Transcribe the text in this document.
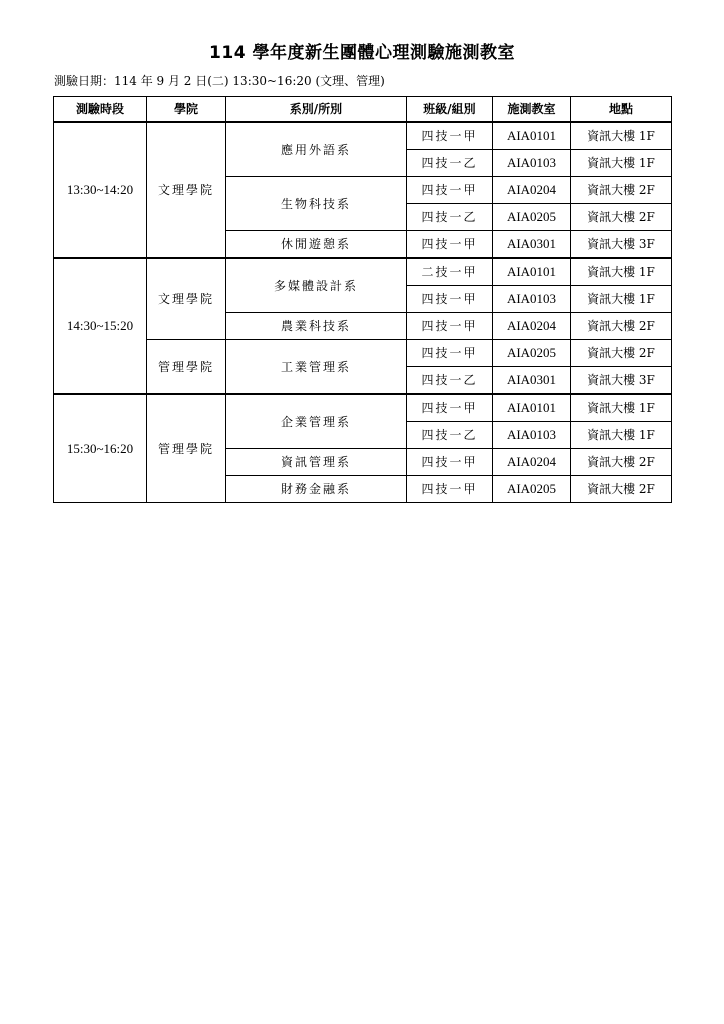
114 學年度新生團體心理測驗施測教室
測驗日期：114 年 9 月 2 日(二) 13:30~16:20 (文理、管理)
測驗時段	學院	系別/所別	班級/組別	施測教室	地點
13:30~14:20	文理學院	應用外語系	四技一甲	AIA0101	資訊大樓 1F
			四技一乙	AIA0103	資訊大樓 1F
		生物科技系	四技一甲	AIA0204	資訊大樓 2F
			四技一乙	AIA0205	資訊大樓 2F
		休閒遊憩系	四技一甲	AIA0301	資訊大樓 3F
14:30~15:20	文理學院	多媒體設計系	二技一甲	AIA0101	資訊大樓 1F
			四技一甲	AIA0103	資訊大樓 1F
		農業科技系	四技一甲	AIA0204	資訊大樓 2F
	管理學院	工業管理系	四技一甲	AIA0205	資訊大樓 2F
			四技一乙	AIA0301	資訊大樓 3F
15:30~16:20	管理學院	企業管理系	四技一甲	AIA0101	資訊大樓 1F
			四技一乙	AIA0103	資訊大樓 1F
		資訊管理系	四技一甲	AIA0204	資訊大樓 2F
		財務金融系	四技一甲	AIA0205	資訊大樓 2F
